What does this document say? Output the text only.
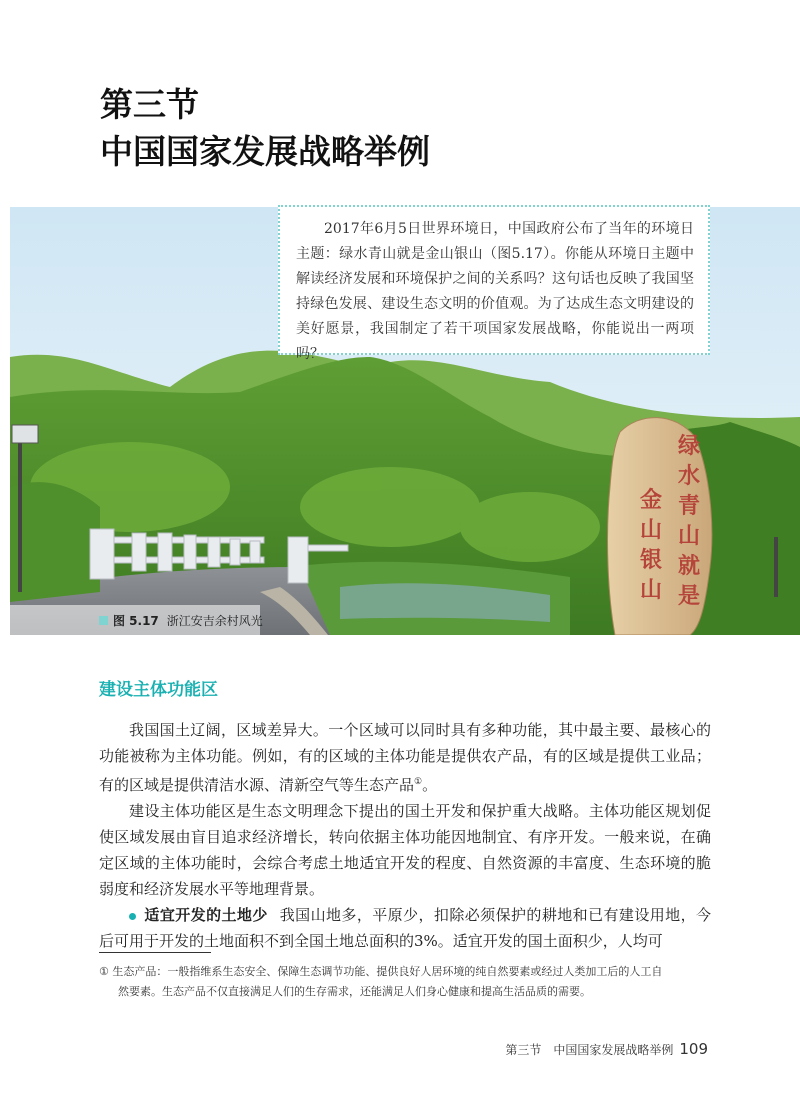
第三节
中国国家发展战略举例
绿 水 青 山 就 是
金 山 银 山

2017年6月5日世界环境日，中国政府公布了当年的环境日主题：绿水青山就是金山银山（图5.17）。你能从环境日主题中解读经济发展和环境保护之间的关系吗？这句话也反映了我国坚持绿色发展、建设生态文明的价值观。为了达成生态文明建设的美好愿景，我国制定了若干项国家发展战略，你能说出一两项吗？

图 5.17 浙江安吉余村风光
建设主体功能区

我国国土辽阔，区域差异大。一个区域可以同时具有多种功能，其中最主要、最核心的功能被称为主体功能。例如，有的区域的主体功能是提供农产品，有的区域是提供工业品；有的区域是提供清洁水源、清新空气等生态产品①。

建设主体功能区是生态文明理念下提出的国土开发和保护重大战略。主体功能区规划促使区域发展由盲目追求经济增长，转向依据主体功能因地制宜、有序开发。一般来说，在确定区域的主体功能时，会综合考虑土地适宜开发的程度、自然资源的丰富度、生态环境的脆弱度和经济发展水平等地理背景。

适宜开发的土地少 我国山地多，平原少，扣除必须保护的耕地和已有建设用地，今后可用于开发的土地面积不到全国土地总面积的3%。适宜开发的国土面积少，人均可

① 生态产品：一般指维系生态安全、保障生态调节功能、提供良好人居环境的纯自然要素或经过人类加工后的人工自
然要素。生态产品不仅直接满足人们的生存需求，还能满足人们身心健康和提高生活品质的需要。
第三节　中国国家发展战略举例 109
